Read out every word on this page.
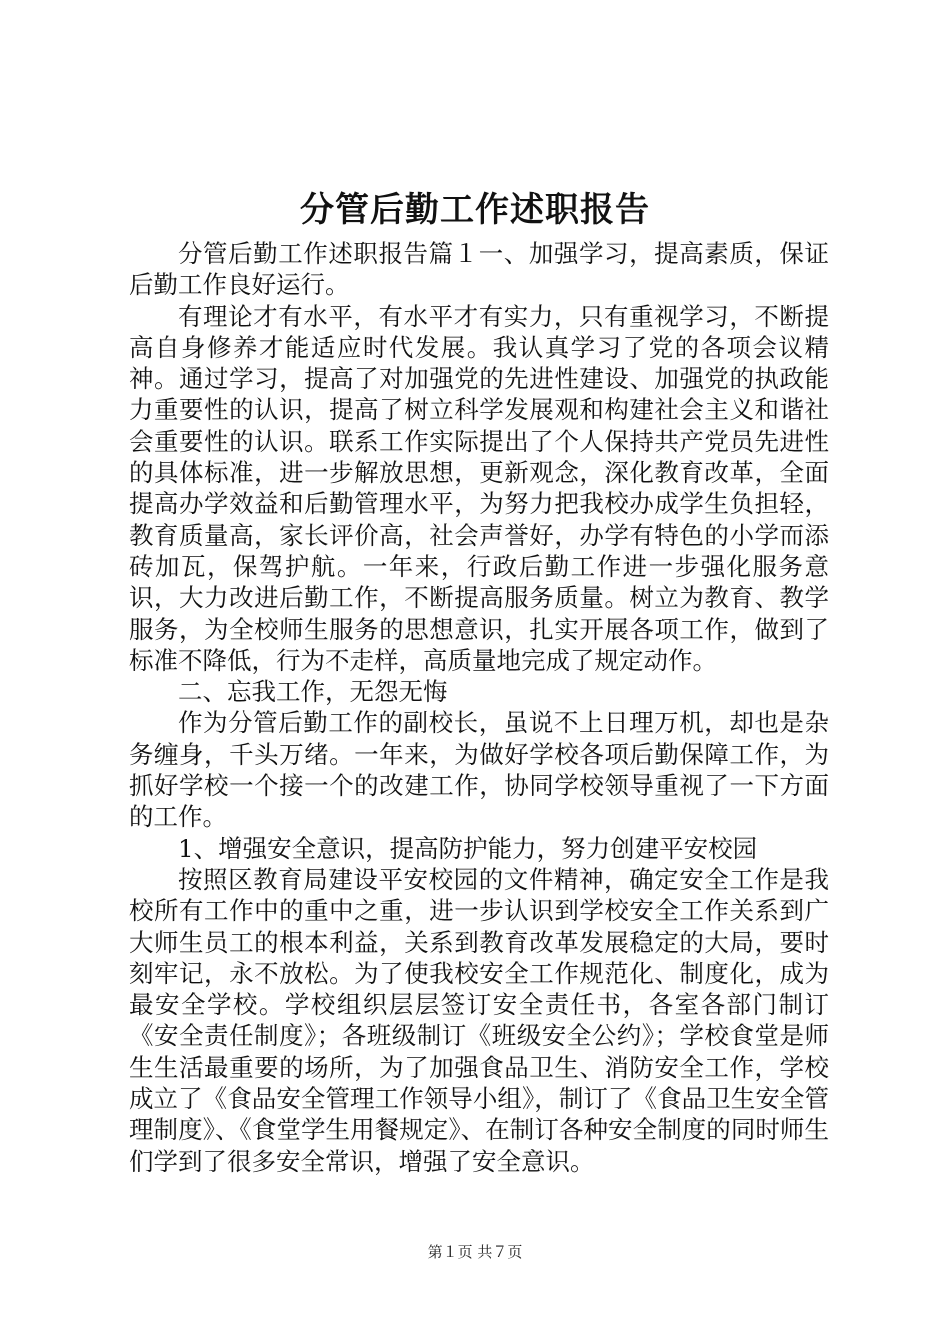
分管后勤工作述职报告

分管后勤工作述职报告篇１一、加强学习，提高素质，保证后勤工作良好运行。

有理论才有水平，有水平才有实力，只有重视学习，不断提高自身修养才能适应时代发展。我认真学习了党的各项会议精神。通过学习，提高了对加强党的先进性建设、加强党的执政能力重要性的认识，提高了树立科学发展观和构建社会主义和谐社会重要性的认识。联系工作实际提出了个人保持共产党员先进性的具体标准，进一步解放思想，更新观念，深化教育改革，全面提高办学效益和后勤管理水平，为努力把我校办成学生负担轻，教育质量高，家长评价高，社会声誉好，办学有特色的小学而添砖加瓦，保驾护航。一年来，行政后勤工作进一步强化服务意识，大力改进后勤工作，不断提高服务质量。树立为教育、教学服务，为全校师生服务的思想意识，扎实开展各项工作，做到了标准不降低，行为不走样，高质量地完成了规定动作。

二、忘我工作，无怨无悔

作为分管后勤工作的副校长，虽说不上日理万机，却也是杂务缠身，千头万绪。一年来，为做好学校各项后勤保障工作，为抓好学校一个接一个的改建工作，协同学校领导重视了一下方面的工作。

1、增强安全意识，提高防护能力，努力创建平安校园

按照区教育局建设平安校园的文件精神，确定安全工作是我校所有工作中的重中之重，进一步认识到学校安全工作关系到广大师生员工的根本利益，关系到教育改革发展稳定的大局，要时刻牢记，永不放松。为了使我校安全工作规范化、制度化，成为最安全学校。学校组织层层签订安全责任书，各室各部门制订《安全责任制度》；各班级制订《班级安全公约》；学校食堂是师生生活最重要的场所，为了加强食品卫生、消防安全工作，学校成立了《食品安全管理工作领导小组》，制订了《食品卫生安全管理制度》、《食堂学生用餐规定》、在制订各种安全制度的同时师生们学到了很多安全常识，增强了安全意识。

第１页 共７页
